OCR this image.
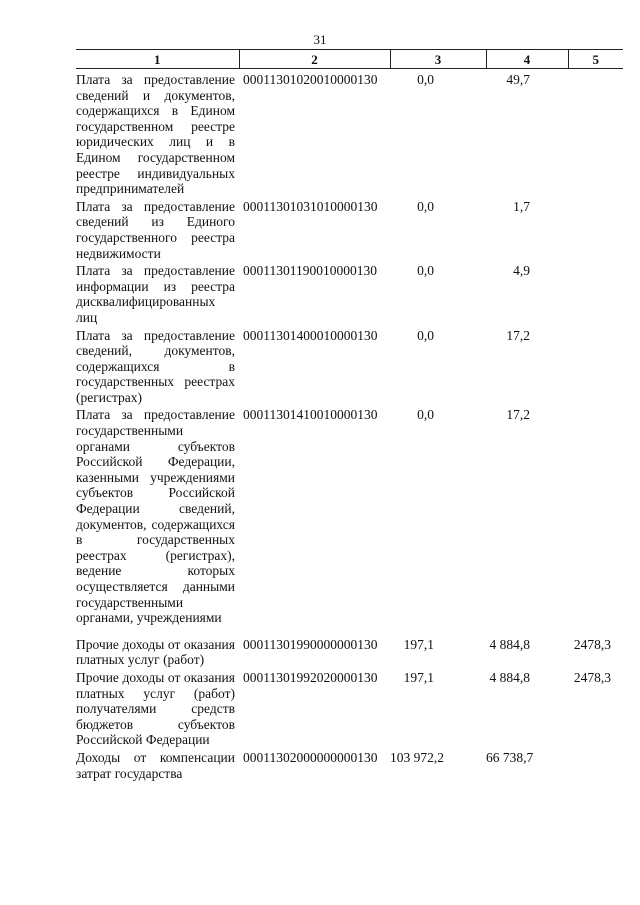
31
1	2	3	4	5
Плата за предоставление сведений и документов, содержащихся в Едином государственном реестре юридических лиц и в Едином государственном реестре индивидуальных предпринимателей	00011301020010000130	0,0	49,7	
Плата за предоставление сведений из Единого государственного реестра недвижимости	00011301031010000130	0,0	1,7	
Плата за предоставление информации из реестра дисквалифицированных лиц	00011301190010000130	0,0	4,9	
Плата за предоставление сведений, документов, содержащихся в государственных реестрах (регистрах)	00011301400010000130	0,0	17,2	
Плата за предоставление государственными органами субъектов Российской Федерации, казенными учреждениями субъектов Российской Федерации сведений, документов, содержащихся в государственных реестрах (регистрах), ведение которых осуществляется данными государственными органами, учреждениями	00011301410010000130	0,0	17,2	
Прочие доходы от оказания платных услуг (работ)	00011301990000000130	197,1	4 884,8	2478,3
Прочие доходы от оказания платных услуг (работ) получателями средств бюджетов субъектов Российской Федерации	00011301992020000130	197,1	4 884,8	2478,3
Доходы от компенсации затрат государства	00011302000000000130	103 972,2	66 738,7	
